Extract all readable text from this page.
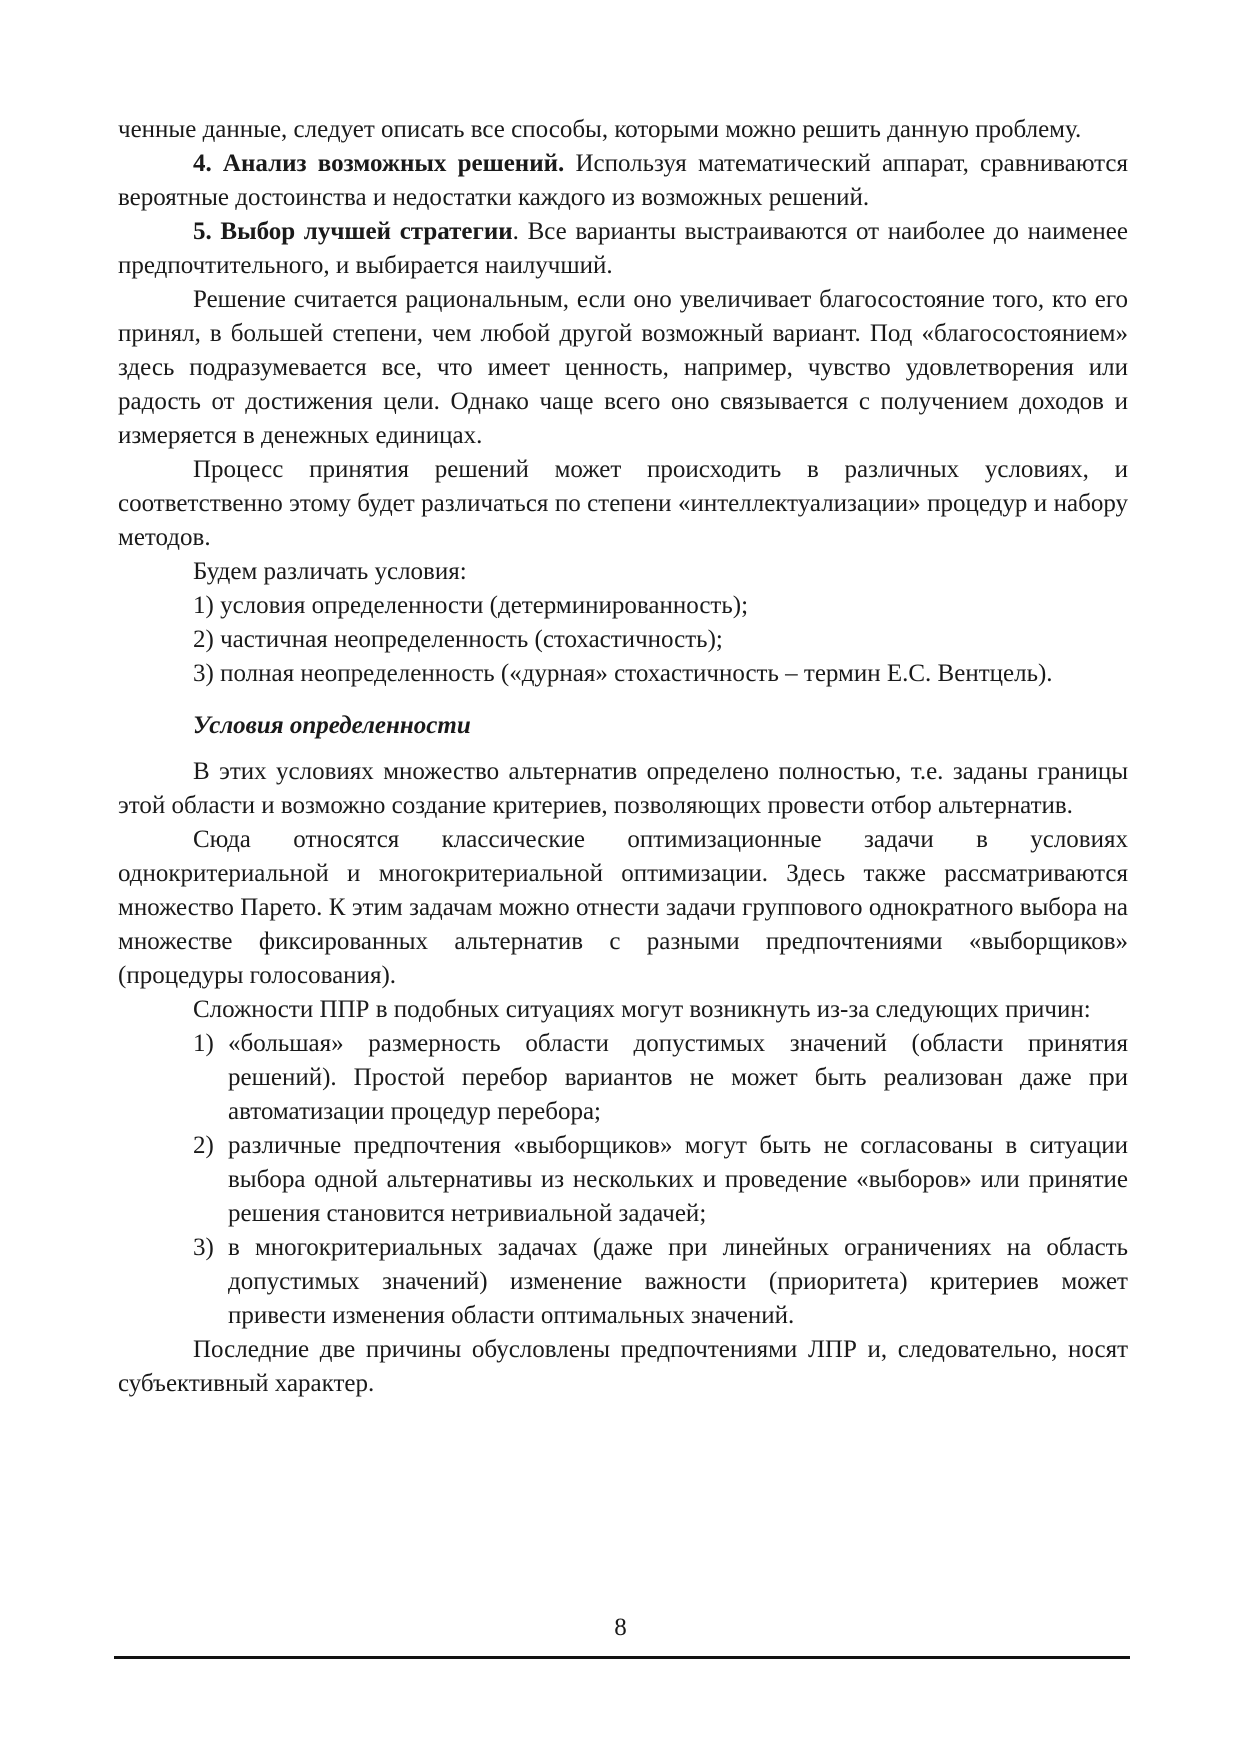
ченные данные, следует описать все способы, которыми можно решить данную проблему.

4. Анализ возможных решений. Используя математический аппарат, сравниваются вероятные достоинства и недостатки каждого из возможных решений.

5. Выбор лучшей стратегии. Все варианты выстраиваются от наиболее до наименее предпочтительного, и выбирается наилучший.

Решение считается рациональным, если оно увеличивает благосостояние того, кто его принял, в большей степени, чем любой другой возможный вариант. Под «благосостоянием» здесь подразумевается все, что имеет ценность, например, чувство удовлетворения или радость от достижения цели. Однако чаще всего оно связывается с получением доходов и измеряется в денежных единицах.

Процесс принятия решений может происходить в различных условиях, и соответственно этому будет различаться по степени «интеллектуализации» процедур и набору методов.

Будем различать условия:

1) условия определенности (детерминированность);

2) частичная неопределенность (стохастичность);

3) полная неопределенность («дурная» стохастичность – термин Е.С. Вентцель).

Условия определенности

В этих условиях множество альтернатив определено полностью, т.е. заданы границы этой области и возможно создание критериев, позволяющих провести отбор альтернатив.

Сюда относятся классические оптимизационные задачи в условиях однокритериальной и многокритериальной оптимизации. Здесь также рассматриваются множество Парето. К этим задачам можно отнести задачи группового однократного выбора на множестве фиксированных альтернатив с разными предпочтениями «выборщиков» (процедуры голосования).

Сложности ППР в подобных ситуациях могут возникнуть из-за следующих причин:

1) «большая» размерность области допустимых значений (области принятия решений). Простой перебор вариантов не может быть реализован даже при автоматизации процедур перебора;
2) различные предпочтения «выборщиков» могут быть не согласованы в ситуации выбора одной альтернативы из нескольких и проведение «выборов» или принятие решения становится нетривиальной задачей;
3) в многокритериальных задачах (даже при линейных ограничениях на область допустимых значений) изменение важности (приоритета) критериев может привести изменения области оптимальных значений.

Последние две причины обусловлены предпочтениями ЛПР и, следовательно, носят субъективный характер.

8
